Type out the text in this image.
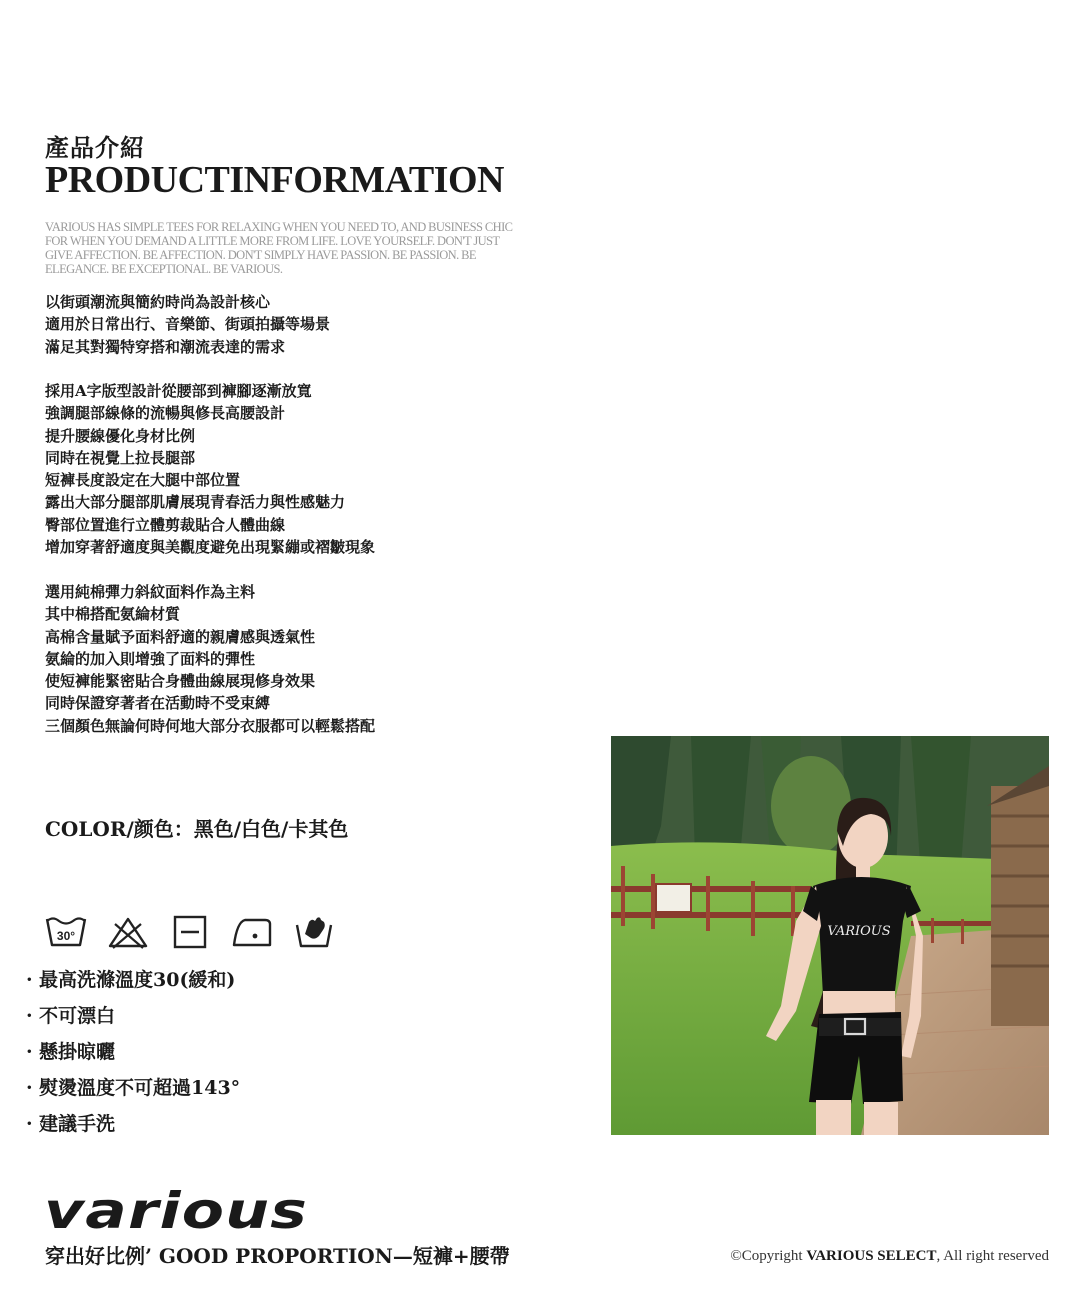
產品介紹
PRODUCTINFORMATION
VARIOUS HAS SIMPLE TEES FOR RELAXING WHEN YOU NEED TO, AND BUSINESS CHIC FOR WHEN YOU DEMAND A LITTLE MORE FROM LIFE. LOVE YOURSELF. DON'T JUST GIVE AFFECTION. BE AFFECTION. DON'T SIMPLY HAVE PASSION. BE PASSION. BE ELEGANCE. BE EXCEPTIONAL. BE VARIOUS.
以街頭潮流與簡約時尚為設計核心
適用於日常出行、音樂節、街頭拍攝等場景
滿足其對獨特穿搭和潮流表達的需求
採用A字版型設計從腰部到褲腳逐漸放寬
強調腿部線條的流暢與修長高腰設計
提升腰線優化身材比例
同時在視覺上拉長腿部
短褲長度設定在大腿中部位置
露出大部分腿部肌膚展現青春活力與性感魅力
臀部位置進行立體剪裁貼合人體曲線
增加穿著舒適度與美觀度避免出現緊繃或褶皺現象
選用純棉彈力斜紋面料作為主料
其中棉搭配氨綸材質
高棉含量賦予面料舒適的親膚感與透氣性
氨綸的加入則增強了面料的彈性
使短褲能緊密貼合身體曲線展現修身效果
同時保證穿著者在活動時不受束縛
三個顏色無論何時何地大部分衣服都可以輕鬆搭配
COLOR/颜色：黑色/白色/卡其色
30°
· 最高洗滌溫度30(緩和)
· 不可漂白
· 懸掛晾曬
· 熨燙溫度不可超過143°
· 建議手洗
VARIOUS
various
穿出好比例’ GOOD PROPORTION—短褲+腰帶	©Copyright VARIOUS SELECT, All right reserved
